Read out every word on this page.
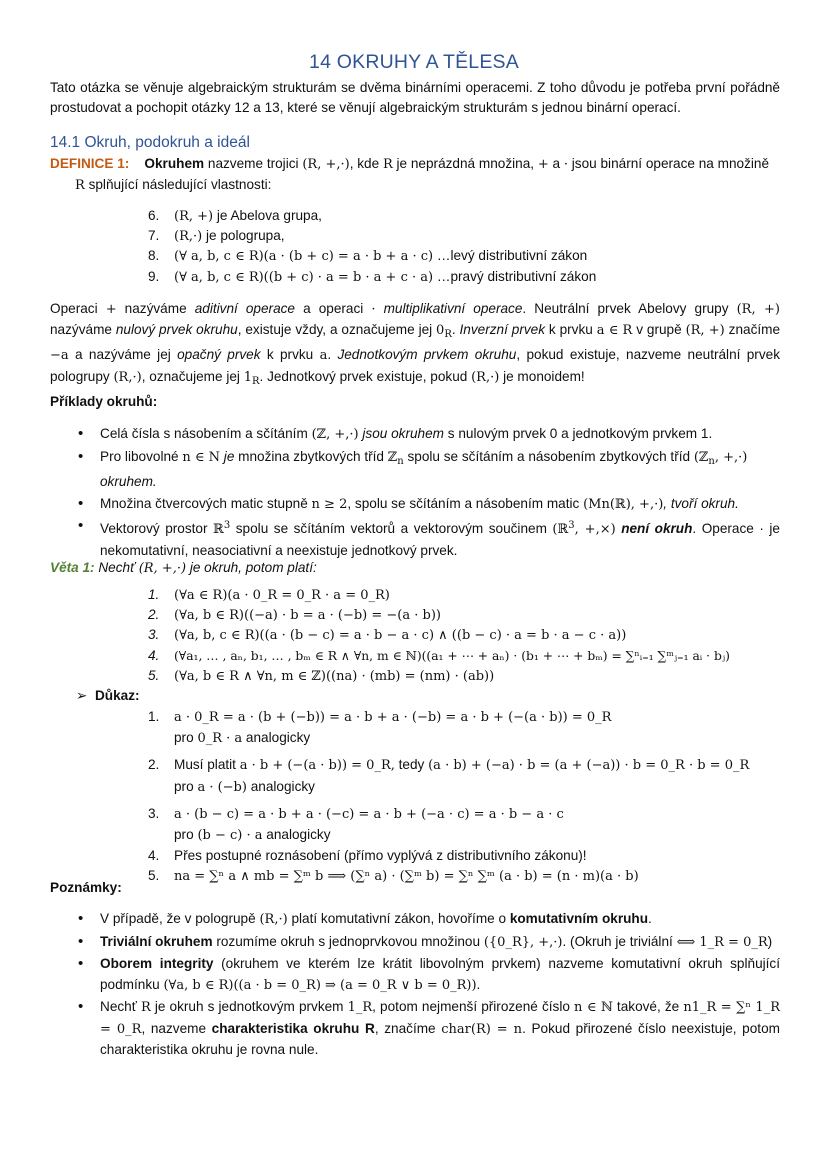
14 OKRUHY A TĚLESA
Tato otázka se věnuje algebraickým strukturám se dvěma binárními operacemi. Z toho důvodu je potřeba první pořádně prostudovat a pochopit otázky 12 a 13, které se věnují algebraickým strukturám s jednou binární operací.
14.1 Okruh, podokruh a ideál
DEFINICE 1: Okruhem nazveme trojici (R, +,·), kde R je neprázdná množina, + a · jsou binární operace na množině
R splňující následující vlastnosti:
6. (R, +) je Abelova grupa,
7. (R,·) je pologrupa,
8. (∀ a, b, c ∈ R)(a · (b + c) = a · b + a · c) …levý distributivní zákon
9. (∀ a, b, c ∈ R)((b + c) · a = b · a + c · a) …pravý distributivní zákon
Operaci + nazýváme aditivní operace a operaci · multiplikativní operace. Neutrální prvek Abelovy grupy (R, +) nazýváme nulový prvek okruhu, existuje vždy, a označujeme jej $0_R$. Inverzní prvek k prvku a ∈ R v grupě (R, +) značíme −a a nazýváme jej opačný prvek k prvku a. Jednotkovým prvkem okruhu, pokud existuje, nazveme neutrální prvek pologrupy (R,·), označujeme jej $1_R$. Jednotkový prvek existuje, pokud (R,·) je monoidem!
Příklady okruhů:
• Celá čísla s násobením a sčítáním (ℤ, +,·) jsou okruhem s nulovým prvek 0 a jednotkovým prvkem 1.
• Pro libovolné n ∈ N je množina zbytkových tříd ℤ$_n$ spolu se sčítáním a násobením zbytkových tříd (ℤ$_n$, +,·)
okruhem.
• Množina čtvercových matic stupně n ≥ 2, spolu se sčítáním a násobením matic (Mn(ℝ), +,·), tvoří okruh.
• Vektorový prostor ℝ$^3$ spolu se sčítáním vektorů a vektorovým součinem (ℝ$^3$, +,×) není okruh. Operace · je nekomutativní, neasociativní a neexistuje jednotkový prvek.
Věta 1: Nechť (R, +,·) je okruh, potom platí:
1. (∀a ∈ R)(a · 0_R = 0_R · a = 0_R)
2. (∀a, b ∈ R)((−a) · b = a · (−b) = −(a · b))
3. (∀a, b, c ∈ R)((a · (b − c) = a · b − a · c) ∧ ((b − c) · a = b · a − c · a))
4. (∀a₁, … , aₙ, b₁, … , bₘ ∈ R ∧ ∀n, m ∈ ℕ)((a₁ + ⋯ + aₙ) · (b₁ + ⋯ + bₘ) = ∑ⁿᵢ₌₁ ∑ᵐⱼ₌₁ aᵢ · bⱼ)
5. (∀a, b ∈ R ∧ ∀n, m ∈ ℤ)((na) · (mb) = (nm) · (ab))
➢ Důkaz:
1. a · 0_R = a · (b + (−b)) = a · b + a · (−b) = a · b + (−(a · b)) = 0_R
pro 0_R · a analogicky
2. Musí platit a · b + (−(a · b)) = 0_R, tedy (a · b) + (−a) · b = (a + (−a)) · b = 0_R · b = 0_R
pro a · (−b) analogicky
3. a · (b − c) = a · b + a · (−c) = a · b + (−a · c) = a · b − a · c
pro (b − c) · a analogicky
4. Přes postupné roznásobení (přímo vyplývá z distributivního zákonu)!
5. na = ∑ⁿ a ∧ mb = ∑ᵐ b ⟹ (∑ⁿ a) · (∑ᵐ b) = ∑ⁿ ∑ᵐ (a · b) = (n · m)(a · b)
Poznámky:
• V případě, že v pologrupě (R,·) platí komutativní zákon, hovoříme o komutativním okruhu.
• Triviální okruhem rozumíme okruh s jednoprvkovou množinou ({0_R}, +,·). (Okruh je triviální ⟺ 1_R = 0_R)
• Oborem integrity (okruhem ve kterém lze krátit libovolným prvkem) nazveme komutativní okruh splňující podmínku (∀a, b ∈ R)((a · b = 0_R) ⇒ (a = 0_R ∨ b = 0_R)).
• Nechť R je okruh s jednotkovým prvkem 1_R, potom nejmenší přirozené číslo n ∈ ℕ takové, že n1_R = ∑ⁿ 1_R = 0_R, nazveme charakteristika okruhu R, značíme char(R) = n. Pokud přirozené číslo neexistuje, potom charakteristika okruhu je rovna nule.
